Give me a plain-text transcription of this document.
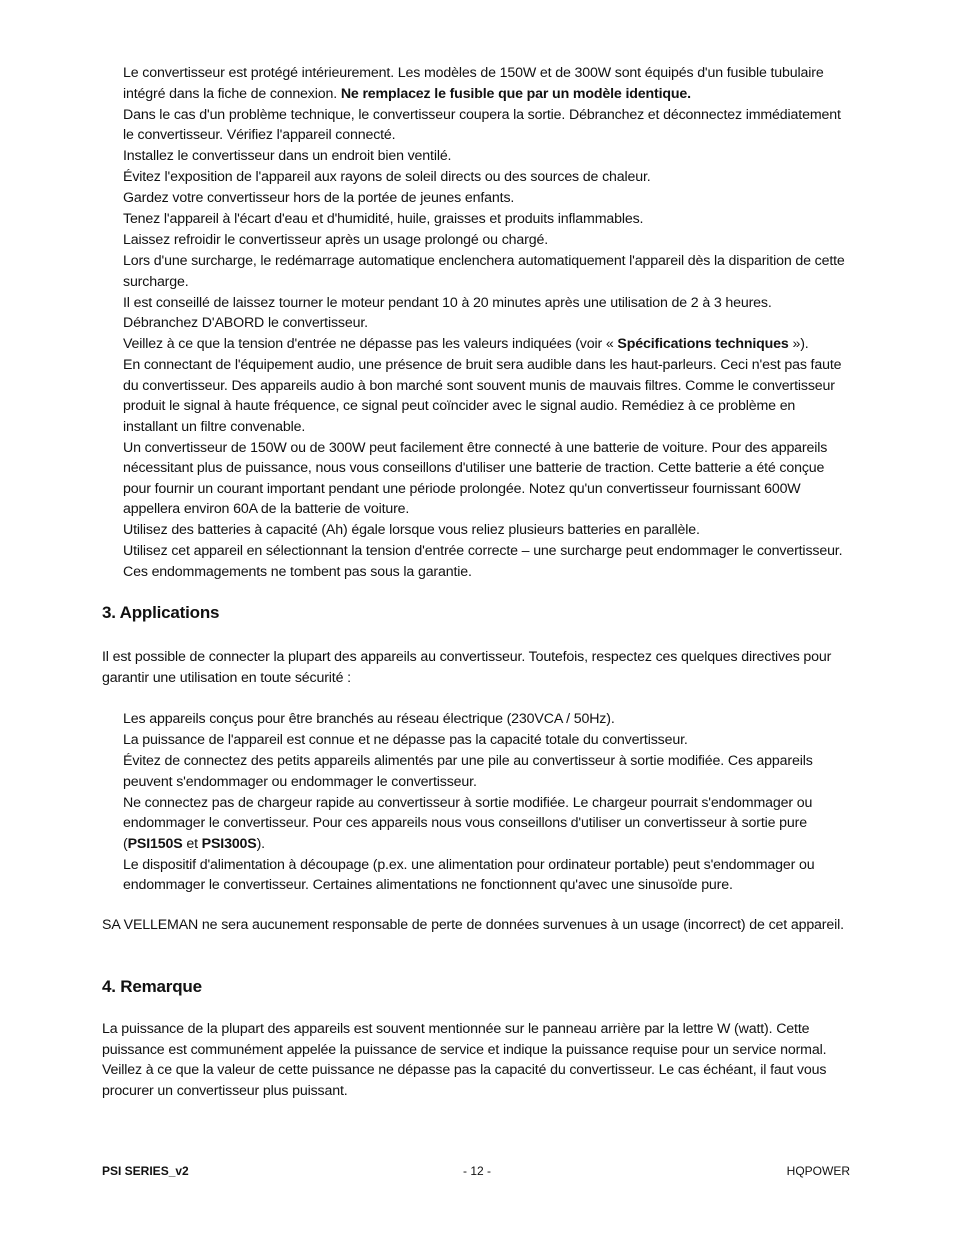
Le convertisseur est protégé intérieurement. Les modèles de 150W et de 300W sont équipés d'un fusible tubulaire intégré dans la fiche de connexion. Ne remplacez le fusible que par un modèle identique.
Dans le cas d'un problème technique, le convertisseur coupera la sortie. Débranchez et déconnectez immédiatement le convertisseur. Vérifiez l'appareil connecté.
Installez le convertisseur dans un endroit bien ventilé.
Évitez l'exposition de l'appareil aux rayons de soleil directs ou des sources de chaleur.
Gardez votre convertisseur hors de la portée de jeunes enfants.
Tenez l'appareil à l'écart d'eau et d'humidité, huile, graisses et produits inflammables.
Laissez refroidir le convertisseur après un usage prolongé ou chargé.
Lors d'une surcharge, le redémarrage automatique enclenchera automatiquement l'appareil dès la disparition de cette surcharge.
Il est conseillé de laissez tourner le moteur pendant 10 à 20 minutes après une utilisation de 2 à 3 heures. Débranchez D'ABORD le convertisseur.
Veillez à ce que la tension d'entrée ne dépasse pas les valeurs indiquées (voir « Spécifications techniques »).
En connectant de l'équipement audio, une présence de bruit sera audible dans les haut-parleurs. Ceci n'est pas faute du convertisseur. Des appareils audio à bon marché sont souvent munis de mauvais filtres. Comme le convertisseur produit le signal à haute fréquence, ce signal peut coïncider avec le signal audio. Remédiez à ce problème en installant un filtre convenable.
Un convertisseur de 150W ou de 300W peut facilement être connecté à une batterie de voiture. Pour des appareils nécessitant plus de puissance, nous vous conseillons d'utiliser une batterie de traction. Cette batterie a été conçue pour fournir un courant important pendant une période prolongée. Notez qu'un convertisseur fournissant 600W appellera environ 60A de la batterie de voiture.
Utilisez des batteries à capacité (Ah) égale lorsque vous reliez plusieurs batteries en parallèle.
Utilisez cet appareil en sélectionnant la tension d'entrée correcte – une surcharge peut endommager le convertisseur. Ces endommagements ne tombent pas sous la garantie.
3. Applications

Il est possible de connecter la plupart des appareils au convertisseur. Toutefois, respectez ces quelques directives pour garantir une utilisation en toute sécurité :

Les appareils conçus pour être branchés au réseau électrique (230VCA / 50Hz).
La puissance de l'appareil est connue et ne dépasse pas la capacité totale du convertisseur.
Évitez de connectez des petits appareils alimentés par une pile au convertisseur à sortie modifiée. Ces appareils peuvent s'endommager ou endommager le convertisseur.
Ne connectez pas de chargeur rapide au convertisseur à sortie modifiée. Le chargeur pourrait s'endommager ou endommager le convertisseur. Pour ces appareils nous vous conseillons d'utiliser un convertisseur à sortie pure (PSI150S et PSI300S).
Le dispositif d'alimentation à découpage (p.ex. une alimentation pour ordinateur portable) peut s'endommager ou endommager le convertisseur. Certaines alimentations ne fonctionnent qu'avec une sinusoïde pure.

SA VELLEMAN ne sera aucunement responsable de perte de données survenues à un usage (incorrect) de cet appareil.

4. Remarque

La puissance de la plupart des appareils est souvent mentionnée sur le panneau arrière par la lettre W (watt). Cette puissance est communément appelée la puissance de service et indique la puissance requise pour un service normal. Veillez à ce que la valeur de cette puissance ne dépasse pas la capacité du convertisseur. Le cas échéant, il faut vous procurer un convertisseur plus puissant.

PSI SERIES_v2	- 12 -	HQPOWER
